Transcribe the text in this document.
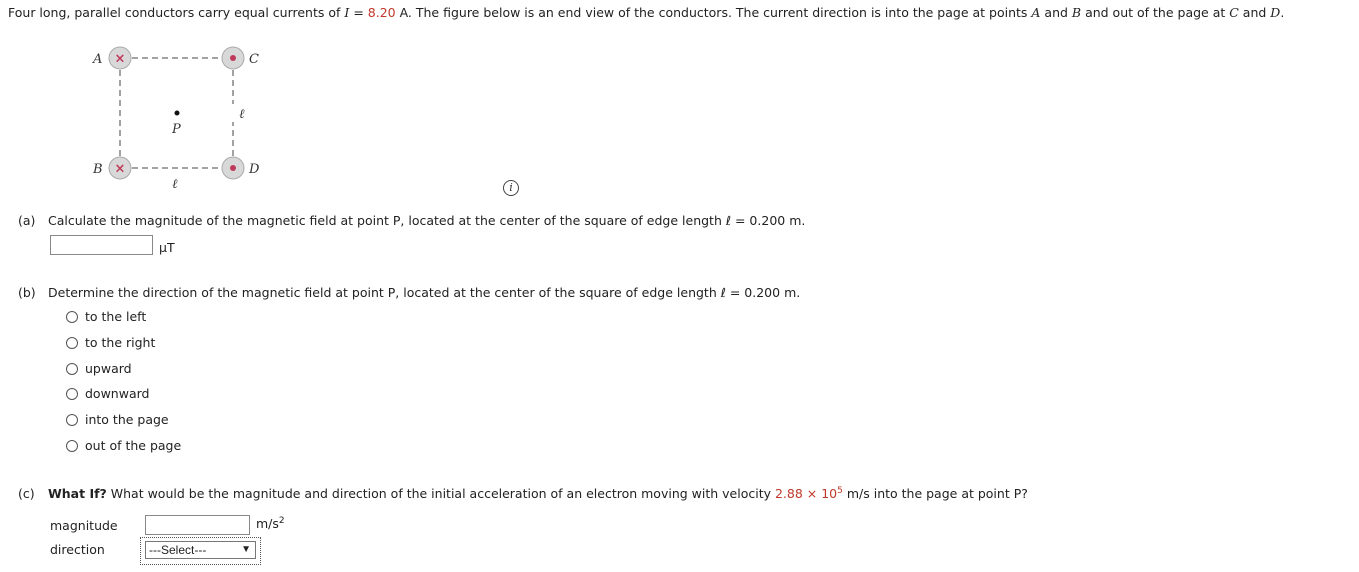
Four long, parallel conductors carry equal currents of I = 8.20 A. The figure below is an end view of the conductors. The current direction is into the page at points A and B and out of the page at C and D.
×
×
A
B
C
D
P
ℓ
ℓ
i
(a) Calculate the magnitude of the magnetic field at point P, located at the center of the square of edge length ℓ = 0.200 m.
µT
(b) Determine the direction of the magnetic field at point P, located at the center of the square of edge length ℓ = 0.200 m.
to the left
to the right
upward
downward
into the page
out of the page
(c) What If? What would be the magnitude and direction of the initial acceleration of an electron moving with velocity $2.88 \times 10^5$ m/s into the page at point P?
magnitude	$m/s^2$
direction	---Select---	▼
